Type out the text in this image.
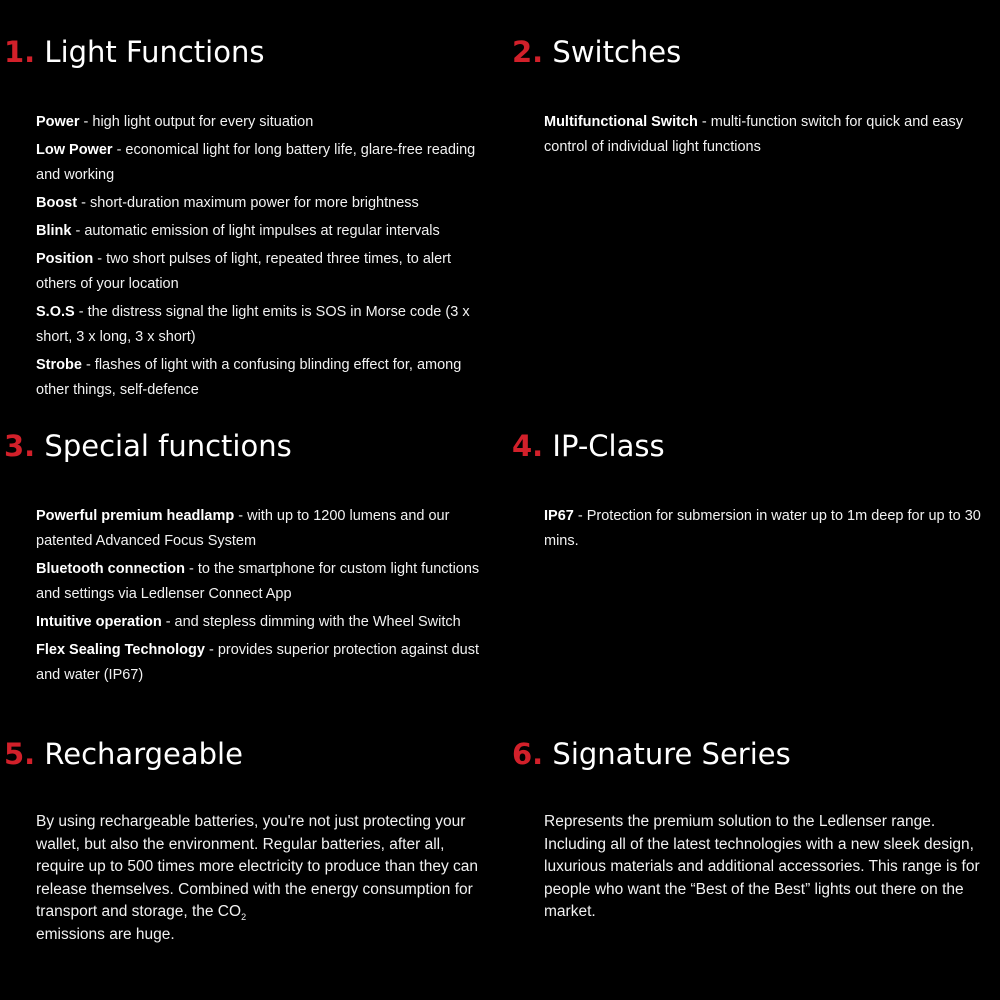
1. Light Functions
Power - high light output for every situation
Low Power - economical light for long battery life, glare-free reading and working
Boost - short-duration maximum power for more brightness
Blink - automatic emission of light impulses at regular intervals
Position - two short pulses of light, repeated three times, to alert others of your location
S.O.S - the distress signal the light emits is SOS in Morse code (3 x short, 3 x long, 3 x short)
Strobe - flashes of light with a confusing blinding effect for, among other things, self-defence
2. Switches
Multifunctional Switch - multi-function switch for quick and easy control of individual light functions
3. Special functions
Powerful premium headlamp - with up to 1200 lumens and our patented Advanced Focus System
Bluetooth connection - to the smartphone for custom light functions and settings via Ledlenser Connect App
Intuitive operation - and stepless dimming with the Wheel Switch
Flex Sealing Technology - provides superior protection against dust and water (IP67)
4. IP-Class
IP67 - Protection for submersion in water up to 1m deep for up to 30 mins.
5. Rechargeable
By using rechargeable batteries, you're not just protecting your wallet, but also the environment. Regular batteries, after all, require up to 500 times more electricity to produce than they can release themselves. Combined with the energy consumption for transport and storage, the $CO_2$
emissions are huge.
6. Signature Series
Represents the premium solution to the Ledlenser range. Including all of the latest technologies with a new sleek design, luxurious materials and additional accessories. This range is for people who want the “Best of the Best” lights out there on the market.
